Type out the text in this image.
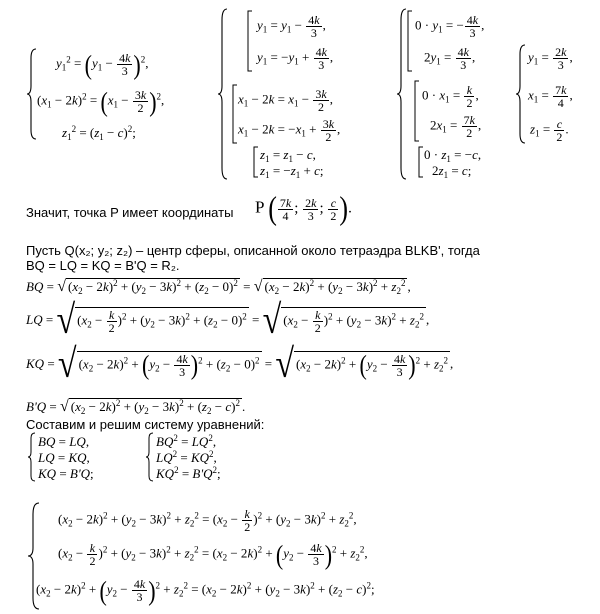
$y_1^2 = (y_1 - \frac{4k}{3} )^2$,
$(x_1 - 2k)^2 = (x_1 - \frac{3k}{2} )^2$,
$z_1^2 = (z_1 - c)^2$;
$y_1 = y_1 - \frac{4k}{3}$ ,
$y_1 = -y_1 + \frac{4k}{3}$ ,
$x_1 - 2k = x_1 - \frac{3k}{2}$ ,
$x_1 - 2k = -x_1 + \frac{3k}{2}$ ,
$z_1 = z_1 - c$,
$z_1 = -z_1 + c$;
$0 \cdot y_1$ = − $\frac{4k}{3}$ ,
$2y_1 = \frac{4k}{3}$ ,
$0 \cdot x_1 = \frac{k}{2}$ ,
$2x_1 = \frac{7k}{2}$ ,
$0 \cdot z_1 = -c$,
$2z_1 = c$;
$y_1 = \frac{2k}{3}$ ,
$x_1 = \frac{7k}{4}$ ,
$z_1 = \frac{c}{2}$ .
Значит, точка P имеет координаты P ( $\frac{7k}{4}$ ; $\frac{2k}{3}$ ; $\frac{c}{2}$ ).
Пусть Q(x₂; y₂; z₂) – центр сферы, описанной около тетраэдра BLKB', тогда
BQ = LQ = KQ = B'Q = R₂.
BQ = √ $(x_2 - 2k)^2 + (y_2 - 3k)^2 + (z_2 - 0)^2$ = √ $(x_2 - 2k)^2 + (y_2 - 3k)^2 + z_2^2$ ,
LQ = √ $(x_2 - \frac{k}{2} )^2 + (y_2 - 3k)^2 + (z_2 - 0)^2$ = √ $(x_2 - \frac{k}{2} )^2 + (y_2 - 3k)^2 + z_2^2$ ,
KQ = √ $(x_2 - 2k)^2 + (y_2 - \frac{4k}{3} )^2 + (z_2 - 0)^2$ = √ $(x_2 - 2k)^2 + (y_2 - \frac{4k}{3} )^2 + z_2^2$ ,
B'Q = √ $(x_2 - 2k)^2 + (y_2 - 3k)^2 + (z_2 - c)^2$ .
Составим и решим систему уравнений:
BQ = LQ,
LQ = KQ,
KQ = B'Q;
$BQ^2 = LQ^2$,
$LQ^2 = KQ^2$,
$KQ^2 = B'Q^2$;
$(x_2 - 2k)^2 + (y_2 - 3k)^2 + z_2^2 = (x_2 - \frac{k}{2} )^2 + (y_2 - 3k)^2 + z_2^2$,
$(x_2 - \frac{k}{2} )^2 + (y_2 - 3k)^2 + z_2^2 = (x_2 - 2k)^2 + (y_2 - \frac{4k}{3} )^2 + z_2^2$,
$(x_2 - 2k)^2 + (y_2 - \frac{4k}{3} )^2 + z_2^2 = (x_2 - 2k)^2 + (y_2 - 3k)^2 + (z_2 - c)^2$;
